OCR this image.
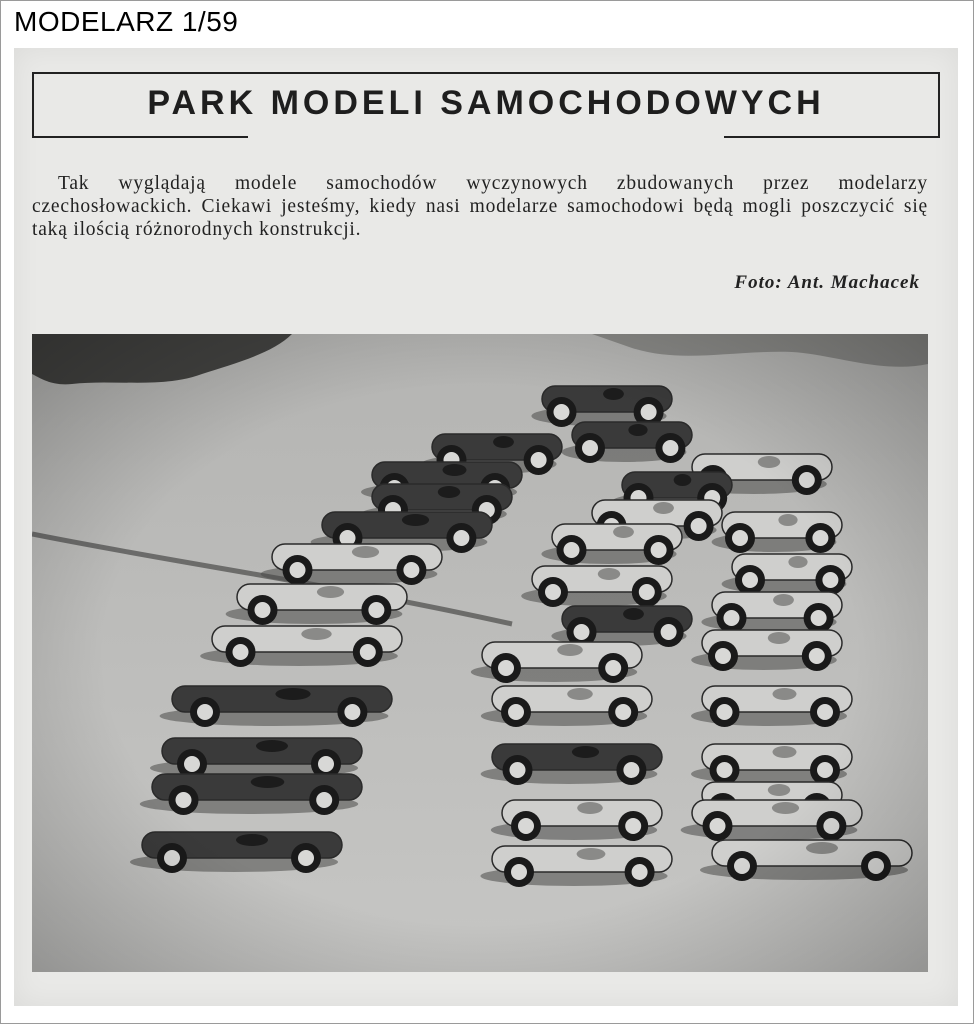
MODELARZ 1/59
PARK MODELI SAMOCHODOWYCH
Tak wyglądają modele samochodów wyczynowych zbudowanych przez modelarzy czechosłowackich. Ciekawi jesteśmy, kiedy nasi modelarze samochodowi będą mogli poszczycić się taką ilością różnorodnych konstrukcji.
Foto: Ant. Machacek
